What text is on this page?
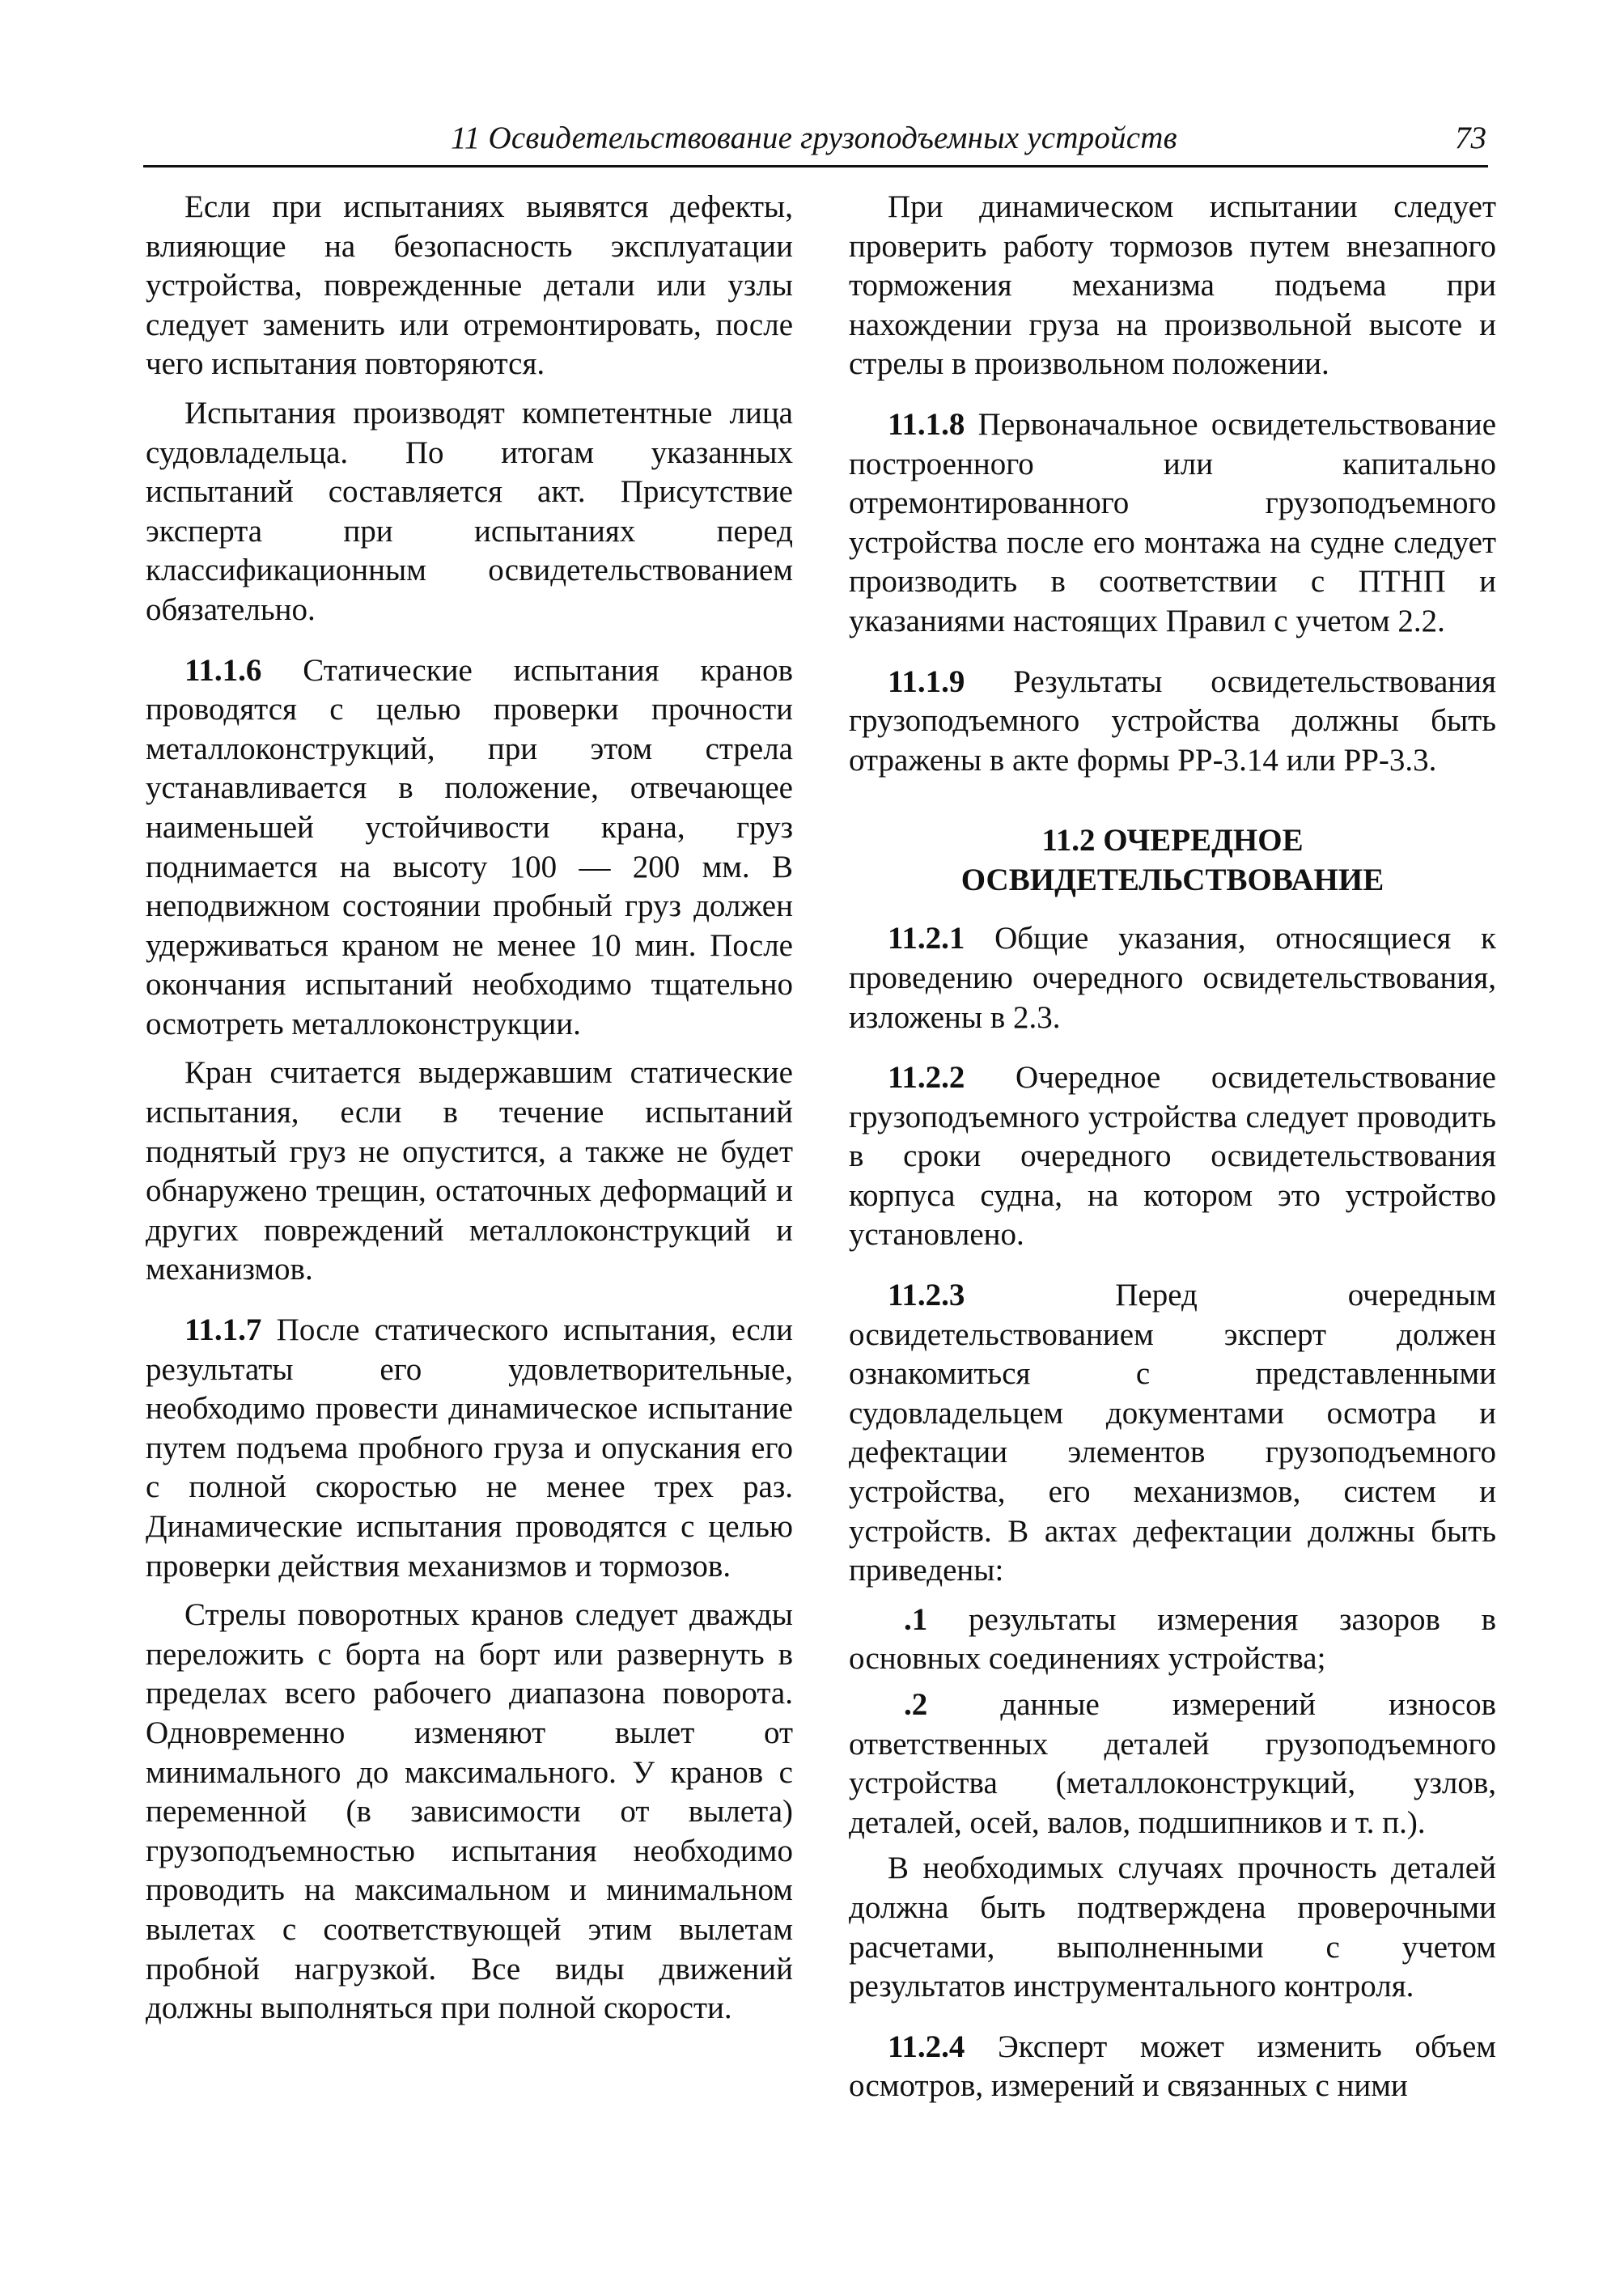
11 Освидетельствование грузоподъемных устройств	73

Если при испытаниях выявятся дефекты, влияющие на безопасность эксплуатации устройства, поврежденные детали или узлы следует заменить или отремонтировать, после чего испытания повторяются.

Испытания производят компетентные лица судовладельца. По итогам указанных испытаний составляется акт. Присутствие эксперта при испытаниях перед классификационным освидетельствованием обязательно.

11.1.6 Статические испытания кранов проводятся с целью проверки прочности металлоконструкций, при этом стрела устанавливается в положение, отвечающее наименьшей устойчивости крана, груз поднимается на высоту 100 — 200 мм. В неподвижном состоянии пробный груз должен удерживаться краном не менее 10 мин. После окончания испытаний необходимо тщательно осмотреть металлоконструкции.

Кран считается выдержавшим статические испытания, если в течение испытаний поднятый груз не опустится, а также не будет обнаружено трещин, остаточных деформаций и других повреждений металлоконструкций и механизмов.

11.1.7 После статического испытания, если результаты его удовлетворительные, необходимо провести динамическое испытание путем подъема пробного груза и опускания его с полной скоростью не менее трех раз. Динамические испытания проводятся с целью проверки действия механизмов и тормозов.

Стрелы поворотных кранов следует дважды переложить с борта на борт или развернуть в пределах всего рабочего диапазона поворота. Одновременно изменяют вылет от минимального до максимального. У кранов с переменной (в зависимости от вылета) грузоподъемностью испытания необходимо проводить на максимальном и минимальном вылетах с соответствующей этим вылетам пробной нагрузкой. Все виды движений должны выполняться при полной скорости.

При динамическом испытании следует проверить работу тормозов путем внезапного торможения механизма подъема при нахождении груза на произвольной высоте и стрелы в произвольном положении.

11.1.8 Первоначальное освидетельствование построенного или капитально отремонтированного грузоподъемного устройства после его монтажа на судне следует производить в соответствии с ПТНП и указаниями настоящих Правил с учетом 2.2.

11.1.9 Результаты освидетельствования грузоподъемного устройства должны быть отражены в акте формы РР-3.14 или РР-3.3.

11.2 ОЧЕРЕДНОЕ
ОСВИДЕТЕЛЬСТВОВАНИЕ

11.2.1 Общие указания, относящиеся к проведению очередного освидетельствования, изложены в 2.3.

11.2.2 Очередное освидетельствование грузоподъемного устройства следует проводить в сроки очередного освидетельствования корпуса судна, на котором это устройство установлено.

11.2.3 Перед очередным освидетельствованием эксперт должен ознакомиться с представленными судовладельцем документами осмотра и дефектации элементов грузоподъемного устройства, его механизмов, систем и устройств. В актах дефектации должны быть приведены:

.1 результаты измерения зазоров в основных соединениях устройства;

.2 данные измерений износов ответственных деталей грузоподъемного устройства (металлоконструкций, узлов, деталей, осей, валов, подшипников и т. п.).

В необходимых случаях прочность деталей должна быть подтверждена проверочными расчетами, выполненными с учетом результатов инструментального контроля.

11.2.4 Эксперт может изменить объем осмотров, измерений и связанных с ними
